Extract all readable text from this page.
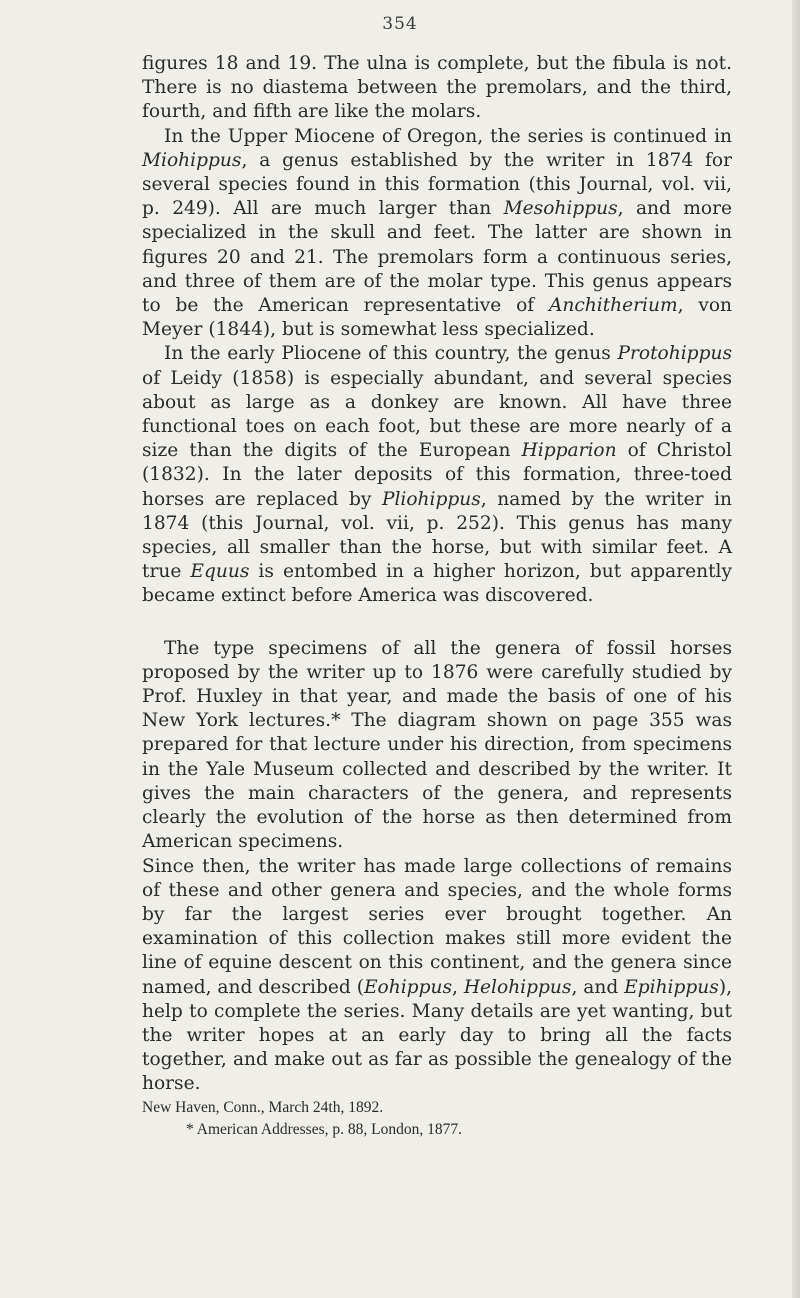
354

figures 18 and 19. The ulna is complete, but the fibula is not. There is no diastema between the premolars, and the third, fourth, and fifth are like the molars.

In the Upper Miocene of Oregon, the series is continued in Miohippus, a genus established by the writer in 1874 for several species found in this formation (this Journal, vol. vii, p. 249). All are much larger than Mesohippus, and more specialized in the skull and feet. The latter are shown in figures 20 and 21. The premolars form a continuous series, and three of them are of the molar type. This genus appears to be the American representative of Anchitherium, von Meyer (1844), but is somewhat less specialized.

In the early Pliocene of this country, the genus Protohippus of Leidy (1858) is especially abundant, and several species about as large as a donkey are known. All have three functional toes on each foot, but these are more nearly of a size than the digits of the European Hipparion of Christol (1832). In the later deposits of this formation, three-toed horses are replaced by Pliohippus, named by the writer in 1874 (this Journal, vol. vii, p. 252). This genus has many species, all smaller than the horse, but with similar feet. A true Equus is entombed in a higher horizon, but apparently became extinct before America was discovered.

The type specimens of all the genera of fossil horses proposed by the writer up to 1876 were carefully studied by Prof. Huxley in that year, and made the basis of one of his New York lectures.* The diagram shown on page 355 was prepared for that lecture under his direction, from specimens in the Yale Museum collected and described by the writer. It gives the main characters of the genera, and represents clearly the evolution of the horse as then determined from American specimens.

Since then, the writer has made large collections of remains of these and other genera and species, and the whole forms by far the largest series ever brought together. An examination of this collection makes still more evident the line of equine descent on this continent, and the genera since named, and described (Eohippus, Helohippus, and Epihippus), help to complete the series. Many details are yet wanting, but the writer hopes at an early day to bring all the facts together, and make out as far as possible the genealogy of the horse.

New Haven, Conn., March 24th, 1892.

* American Addresses, p. 88, London, 1877.
